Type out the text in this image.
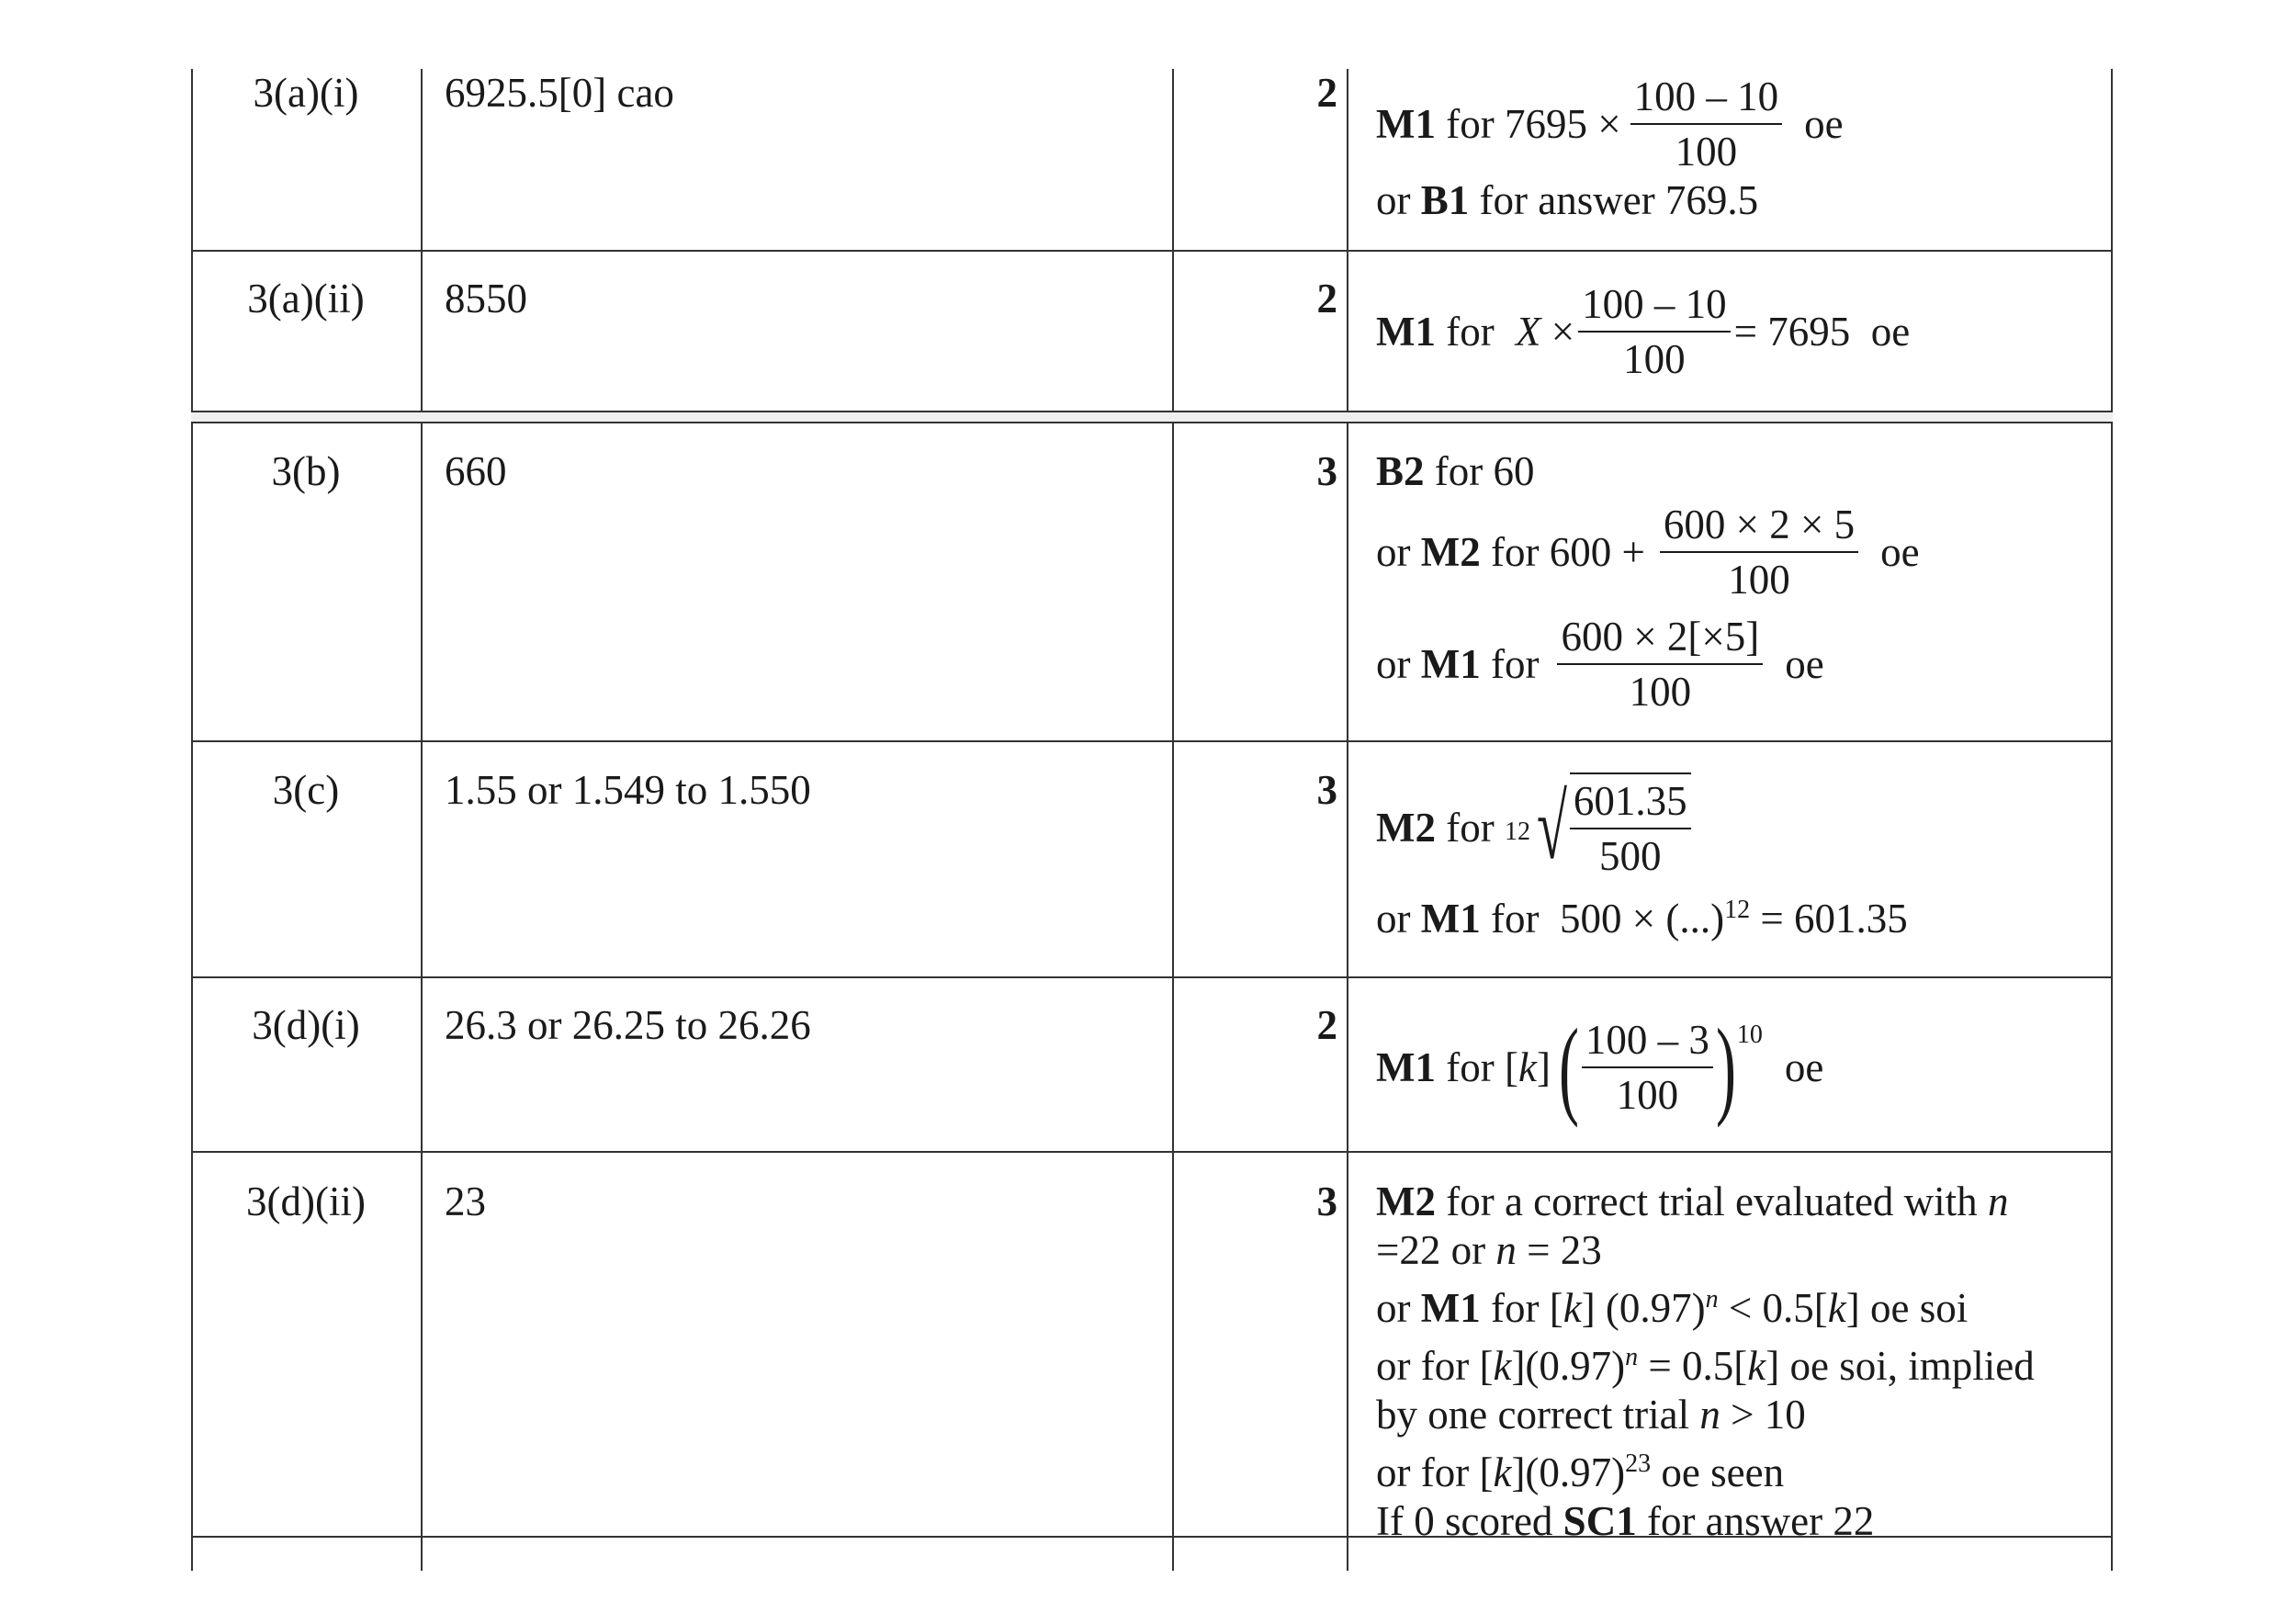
3(a)(i)	6925.5[0] cao	2
M1 for $7695 \times \frac{100 - 10}{100}$ oe
or B1 for answer 769.5
3(a)(ii)	8550	2
M1 for $X \times \frac{100 - 10}{100} = 7695$  oe
3(b)	660	3 B2 for 60
or M2 for $600 + \frac{600 \times 2 \times 5}{100}$ oe
or M1 for $\frac{600 \times 2[\times 5]}{100}$ oe
3(c)	1.55 or 1.549 to 1.550	3
M2 for 12 √ $\frac{601.35}{500}$
or M1 for  500 × (...)$^{12}$ = 601.35
3(d)(i)	26.3 or 26.25 to 26.26	2
M1 for [ k ] ( $\frac{100 - 3}{100} )^{10}$
oe
3(d)(ii)	23	3 M2 for a correct trial evaluated with n
=22 or n = 23
or M1 for [k] $(0.97)^n < 0.5[k]$ oe soi
or for $[k](0.97)^n = 0.5[k]$ oe soi, implied
by one correct trial n > 10
or for $[k](0.97)^{23}$ oe seen
If 0 scored SC1 for answer 22
